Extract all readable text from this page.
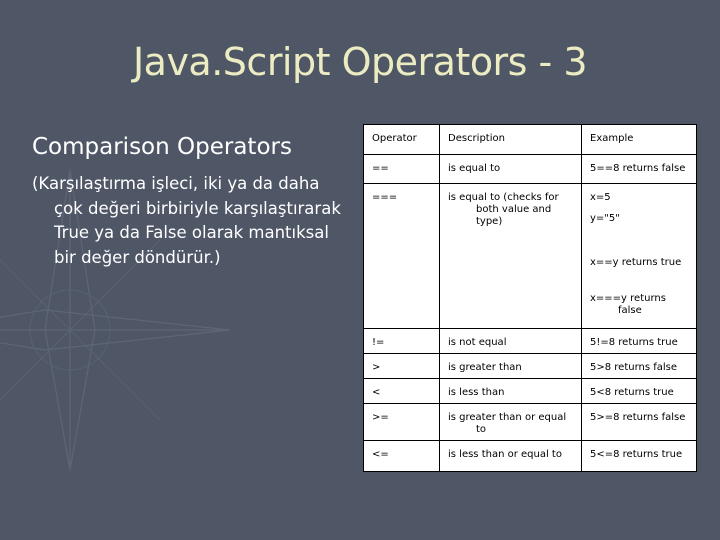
Java.Script Operators - 3

Comparison Operators

(Karşılaştırma işleci, iki ya da daha çok değeri birbiriyle karşılaştırarak True ya da False olarak mantıksal bir değer döndürür.)

Operator	Description	Example
==	is equal to	5==8 returns false
===	is equal to (checks for both value and type)	x=5
y="5"
x==y returns true
x===y returns false

!=	is not equal	5!=8 returns true
>	is greater than	5>8 returns false
<	is less than	5<8 returns true
>=	is greater than or equal to	5>=8 returns false
<=	is less than or equal to	5<=8 returns true
